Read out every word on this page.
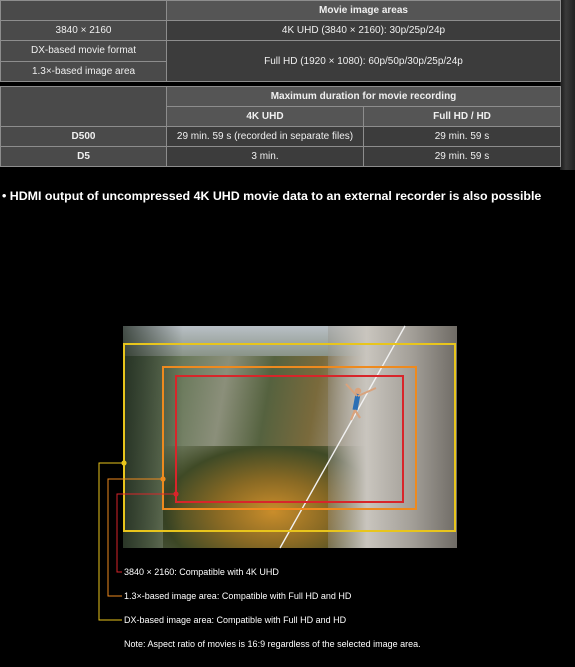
	Movie image areas
3840 × 2160	4K UHD (3840 × 2160): 30p/25p/24p
DX-based movie format	Full HD (1920 × 1080): 60p/50p/30p/25p/24p
1.3×-based image area	
	Maximum duration for movie recording	
	4K UHD	Full HD / HD
D500	29 min. 59 s (recorded in separate files)	29 min. 59 s
D5	3 min.	29 min. 59 s
• HDMI output of uncompressed 4K UHD movie data to an external recorder is also possible
3840 × 2160: Compatible with 4K UHD
1.3×-based image area: Compatible with Full HD and HD
DX-based image area: Compatible with Full HD and HD
Note: Aspect ratio of movies is 16:9 regardless of the selected image area.
